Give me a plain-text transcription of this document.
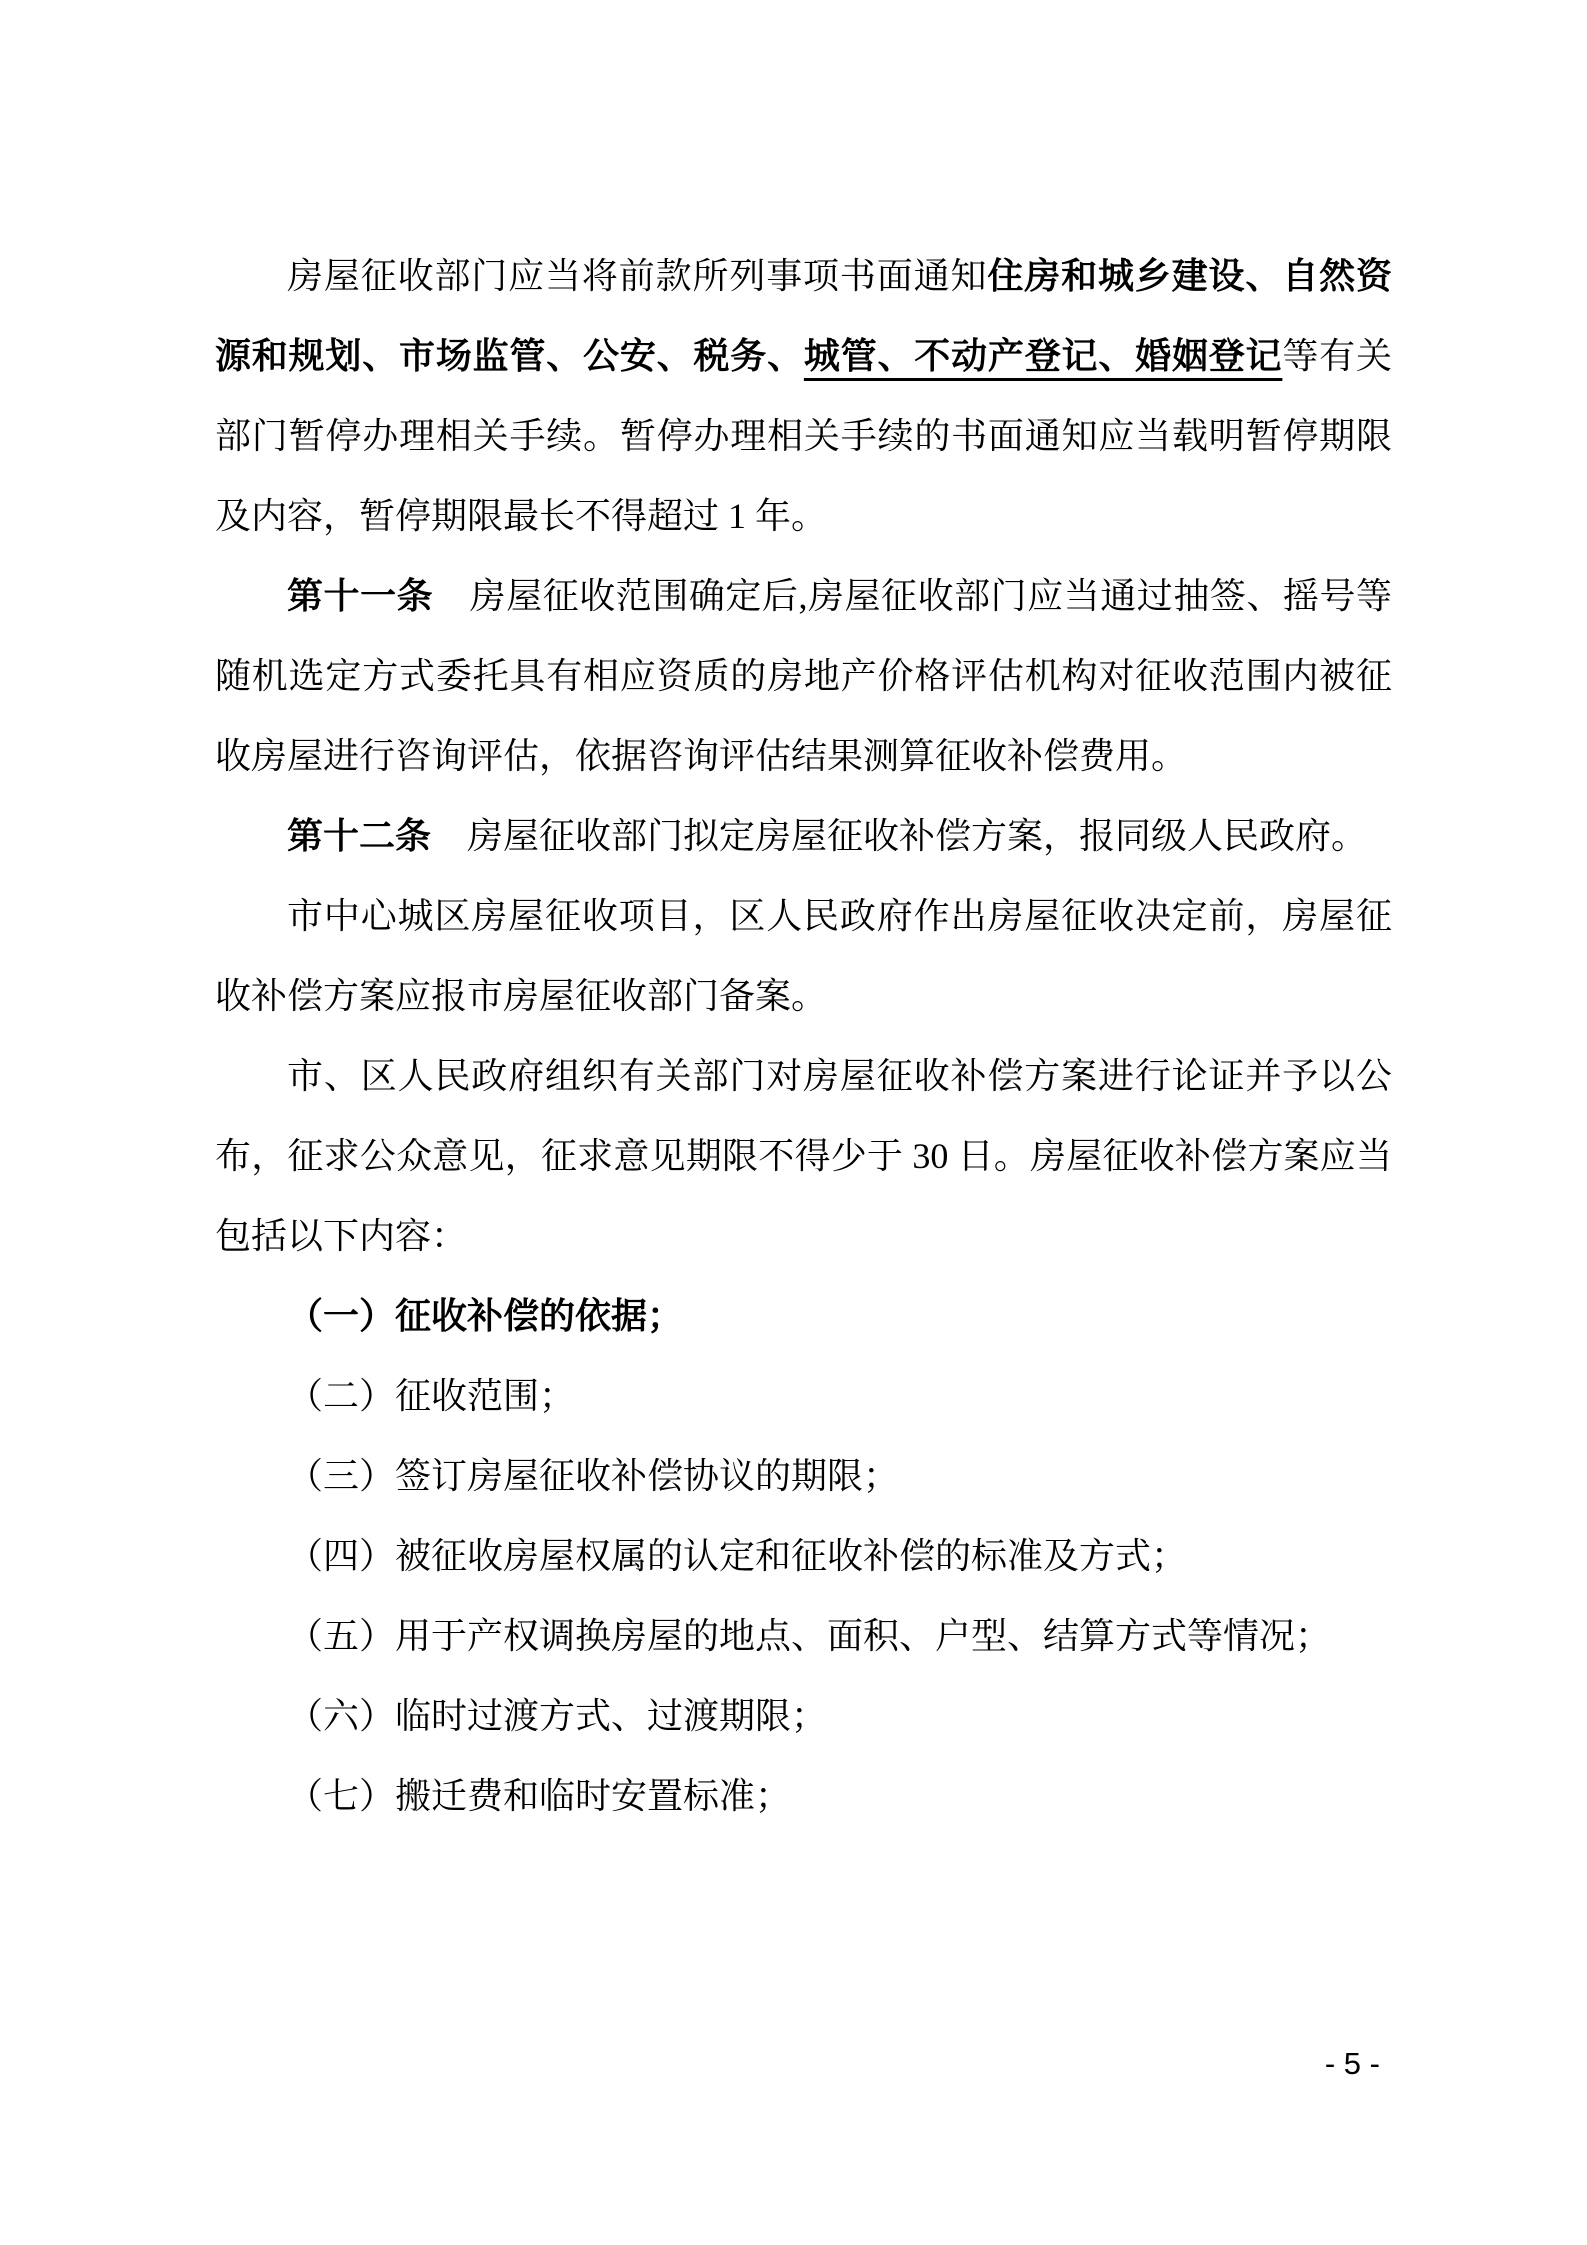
房屋征收部门应当将前款所列事项书面通知住房和城乡建设、自然资源和规划、市场监管、公安、税务、城管、不动产登记、婚姻登记等有关部门暂停办理相关手续。暂停办理相关手续的书面通知应当载明暂停期限及内容，暂停期限最长不得超过 1 年。

第十一条　房屋征收范围确定后,房屋征收部门应当通过抽签、摇号等随机选定方式委托具有相应资质的房地产价格评估机构对征收范围内被征收房屋进行咨询评估，依据咨询评估结果测算征收补偿费用。

第十二条　房屋征收部门拟定房屋征收补偿方案，报同级人民政府。

市中心城区房屋征收项目，区人民政府作出房屋征收决定前，房屋征收补偿方案应报市房屋征收部门备案。

市、区人民政府组织有关部门对房屋征收补偿方案进行论证并予以公布，征求公众意见，征求意见期限不得少于 30 日。房屋征收补偿方案应当包括以下内容：

（一）征收补偿的依据；

（二）征收范围；

（三）签订房屋征收补偿协议的期限；

（四）被征收房屋权属的认定和征收补偿的标准及方式；

（五）用于产权调换房屋的地点、面积、户型、结算方式等情况；

（六）临时过渡方式、过渡期限；

（七）搬迁费和临时安置标准；

- 5 -
